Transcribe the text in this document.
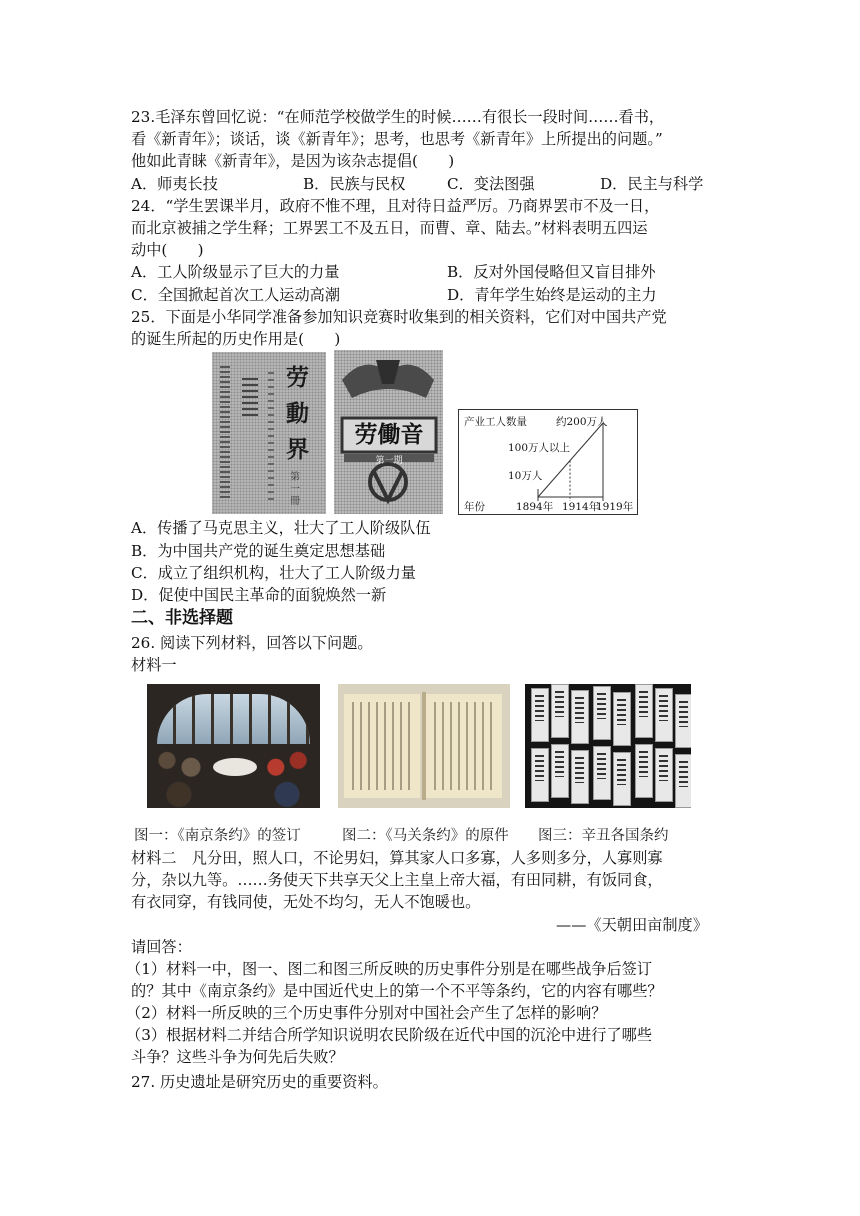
23.毛泽东曾回忆说：“在师范学校做学生的时候……有很长一段时间……看书，
看《新青年》；谈话，谈《新青年》；思考，也思考《新青年》上所提出的问题。”
他如此青睐《新青年》，是因为该杂志提倡(　　)
A．师夷长技	B．民族与民权	C．变法图强	D．民主与科学
24．“学生罢课半月，政府不惟不理，且对待日益严厉。乃商界罢市不及一日，
而北京被捕之学生释；工界罢工不及五日，而曹、章、陆去。”材料表明五四运
动中(　　)
A．工人阶级显示了巨大的力量	B．反对外国侵略但又盲目排外
C．全国掀起首次工人运动高潮	D．青年学生始终是运动的主力
25．下面是小华同学准备参加知识竞赛时收集到的相关资料，它们对中国共产党
的诞生所起的历史作用是(　　)
劳動界
第一冊
劳働音
第一期
产业工人数量
年份
10万人
100万人以上
约200万人
1894年 1914年
1919年
A．传播了马克思主义，壮大了工人阶级队伍
B．为中国共产党的诞生奠定思想基础
C．成立了组织机构，壮大了工人阶级力量
D．促使中国民主革命的面貌焕然一新
二、非选择题
26. 阅读下列材料，回答以下问题。
材料一
图一：《南京条约》的签订	图二：《马关条约》的原件 图三：辛丑各国条约
材料二　凡分田，照人口，不论男妇，算其家人口多寡，人多则多分，人寡则寡
分，杂以九等。……务使天下共享天父上主皇上帝大福，有田同耕，有饭同食，
有衣同穿，有钱同使，无处不均匀，无人不饱暖也。
——《天朝田亩制度》
请回答：
（1）材料一中，图一、图二和图三所反映的历史事件分别是在哪些战争后签订
的？其中《南京条约》是中国近代史上的第一个不平等条约，它的内容有哪些？
（2）材料一所反映的三个历史事件分别对中国社会产生了怎样的影响？
（3）根据材料二并结合所学知识说明农民阶级在近代中国的沉沦中进行了哪些
斗争？这些斗争为何先后失败？
27. 历史遗址是研究历史的重要资料。
